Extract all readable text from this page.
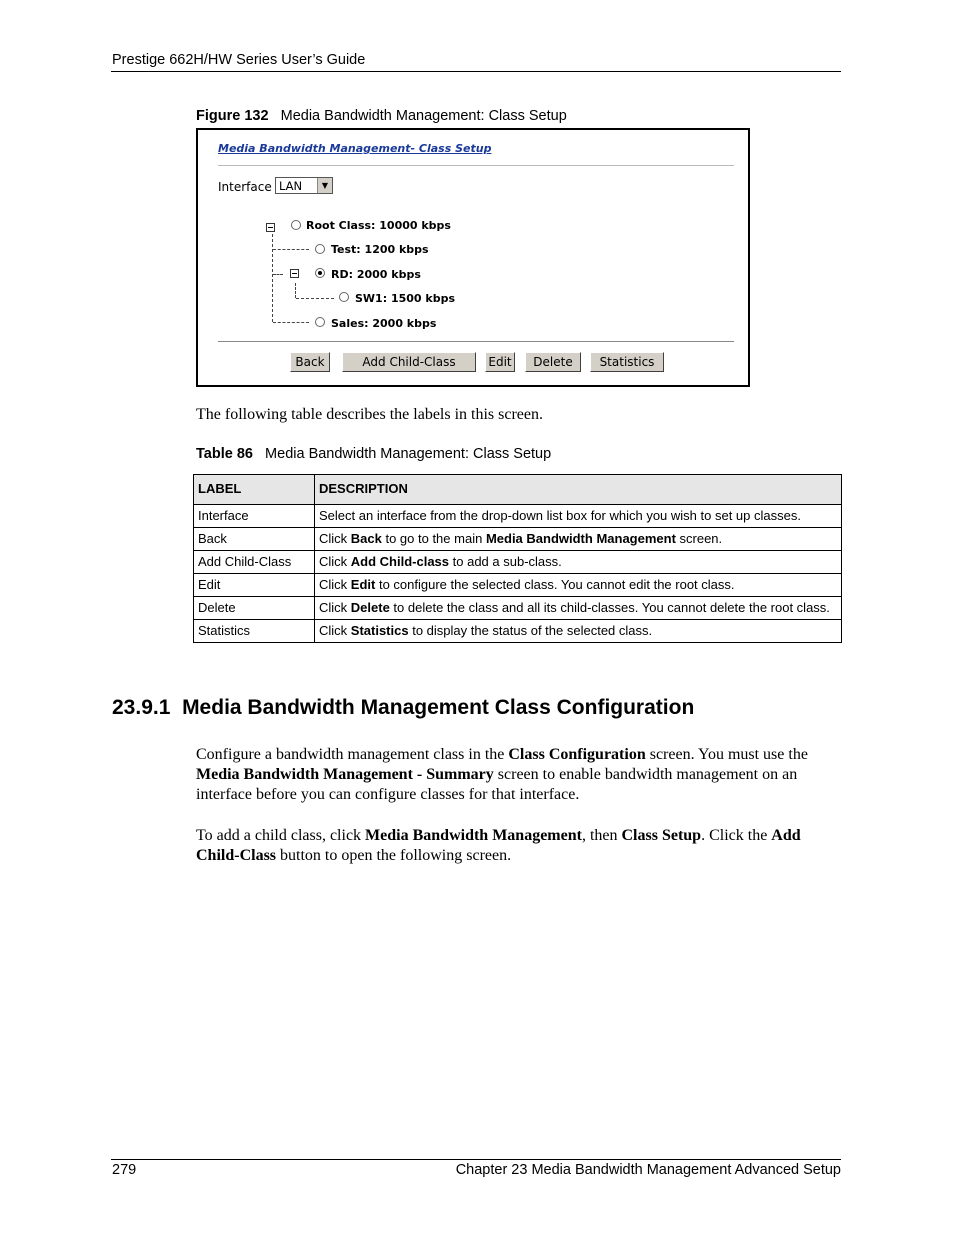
Prestige 662H/HW Series User’s Guide
Figure 132 Media Bandwidth Management: Class Setup
Media Bandwidth Management- Class Setup
Interface LAN	▼
Root Class: 10000 kbps
Test: 1200 kbps
RD: 2000 kbps
SW1: 1500 kbps
Sales: 2000 kbps
Back	Add Child-Class	Edit	Delete	Statistics
The following table describes the labels in this screen.
Table 86 Media Bandwidth Management: Class Setup
LABEL	DESCRIPTION
Interface	Select an interface from the drop-down list box for which you wish to set up classes.
Back	Click Back to go to the main Media Bandwidth Management screen.
Add Child-Class	Click Add Child-class to add a sub-class.
Edit	Click Edit to configure the selected class. You cannot edit the root class.
Delete	Click Delete to delete the class and all its child-classes. You cannot delete the root class.
Statistics	Click Statistics to display the status of the selected class.
23.9.1 Media Bandwidth Management Class Configuration
Configure a bandwidth management class in the Class Configuration screen. You must use the Media Bandwidth Management - Summary screen to enable bandwidth management on an interface before you can configure classes for that interface.
To add a child class, click Media Bandwidth Management, then Class Setup. Click the Add Child-Class button to open the following screen.
279	Chapter 23 Media Bandwidth Management Advanced Setup
